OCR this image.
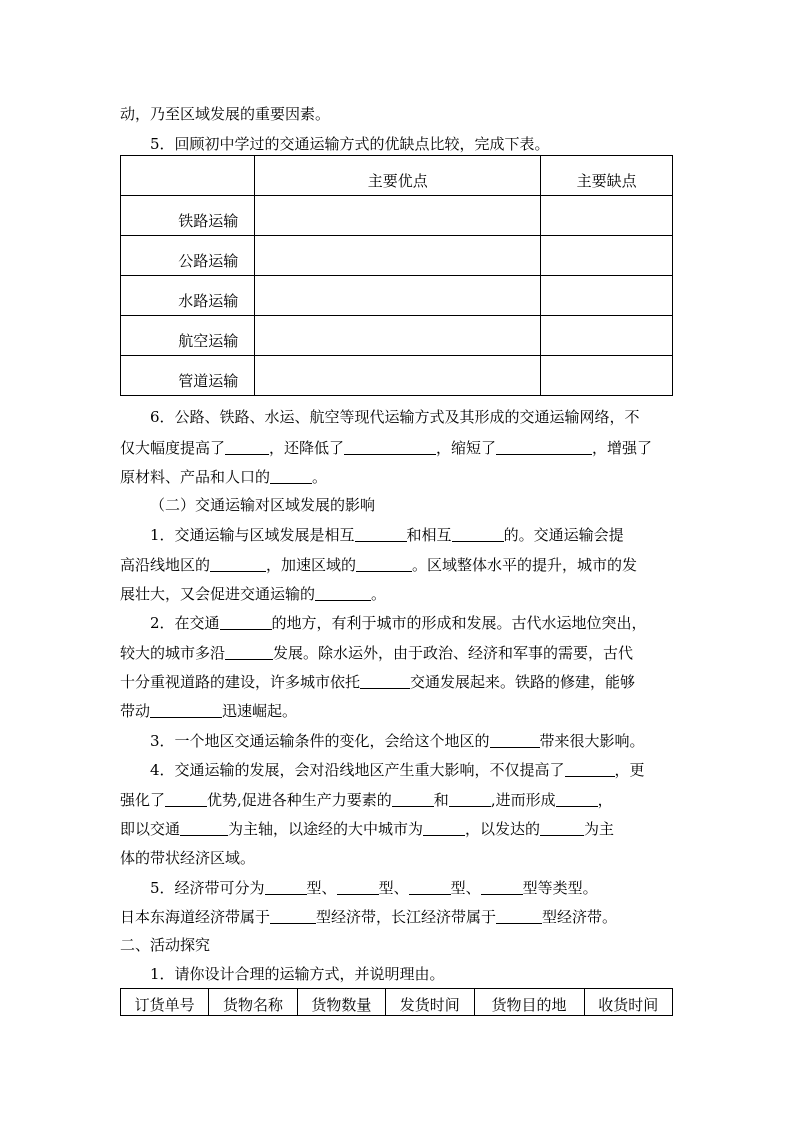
动，乃至区域发展的重要因素。
5．回顾初中学过的交通运输方式的优缺点比较，完成下表。
	主要优点	主要缺点
铁路运输		
公路运输		
水路运输		
航空运输		
管道运输		
6．公路、铁路、水运、航空等现代运输方式及其形成的交通运输网络，不
仅大幅度提高了	，还降低了	，缩短了	，增强了
原材料、产品和人口的	。
（二）交通运输对区域发展的影响
1．交通运输与区域发展是相互	和相互	的。交通运输会提
高沿线地区的	，加速区域的	。区域整体水平的提升，城市的发
展壮大，又会促进交通运输的	。
2．在交通	的地方，有利于城市的形成和发展。古代水运地位突出，
较大的城市多沿	发展。除水运外，由于政治、经济和军事的需要，古代
十分重视道路的建设，许多城市依托	交通发展起来。铁路的修建，能够
带动	迅速崛起。
3．一个地区交通运输条件的变化，会给这个地区的	带来很大影响。
4．交通运输的发展，会对沿线地区产生重大影响，不仅提高了	，更
强化了	优势,促进各种生产力要素的	和	,进而形成	，
即以交通	为主轴，以途经的大中城市为	，以发达的	为主
体的带状经济区域。
5．经济带可分为	型、	型、	型、	型等类型。
日本东海道经济带属于	型经济带，长江经济带属于	型经济带。
二、活动探究
1．请你设计合理的运输方式，并说明理由。
订货单号	货物名称	货物数量	发货时间	货物目的地	收货时间
